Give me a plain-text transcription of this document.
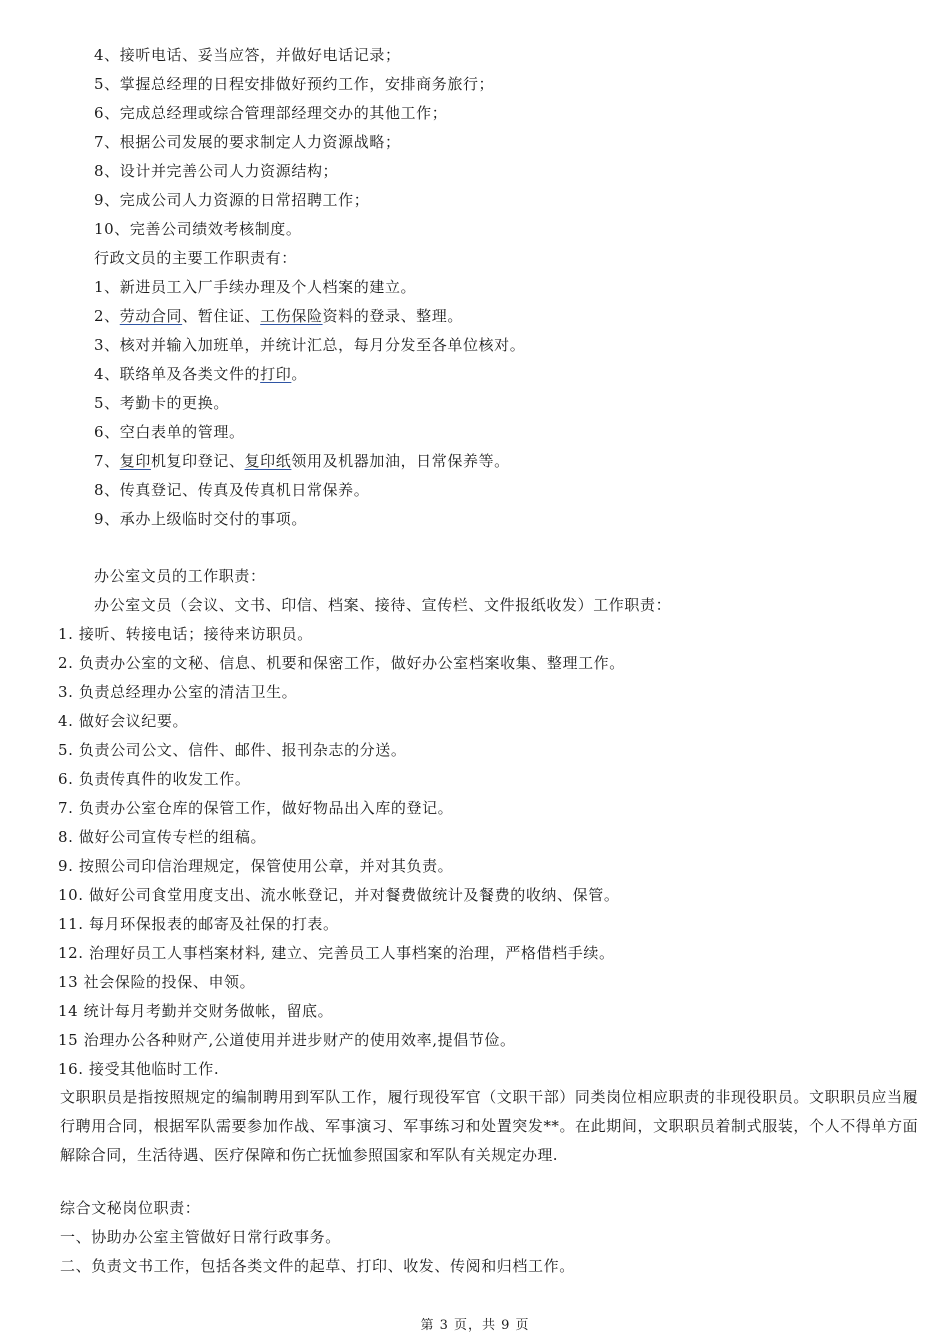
4、接听电话、妥当应答，并做好电话记录；
5、掌握总经理的日程安排做好预约工作，安排商务旅行；
6、完成总经理或综合管理部经理交办的其他工作；
7、根据公司发展的要求制定人力资源战略；
8、设计并完善公司人力资源结构；
9、完成公司人力资源的日常招聘工作；
10、完善公司绩效考核制度。
行政文员的主要工作职责有：
1、新进员工入厂手续办理及个人档案的建立。
2、劳动合同、暂住证、工伤保险资料的登录、整理。
3、核对并输入加班单，并统计汇总，每月分发至各单位核对。
4、联络单及各类文件的打印。
5、考勤卡的更换。
6、空白表单的管理。
7、复印机复印登记、复印纸领用及机器加油，日常保养等。
8、传真登记、传真及传真机日常保养。
9、承办上级临时交付的事项。
办公室文员的工作职责：
办公室文员（会议、文书、印信、档案、接待、宣传栏、文件报纸收发）工作职责：
1. 接听、转接电话；接待来访职员。
2. 负责办公室的文秘、信息、机要和保密工作，做好办公室档案收集、整理工作。
3. 负责总经理办公室的清洁卫生。
4. 做好会议纪要。
5. 负责公司公文、信件、邮件、报刊杂志的分送。
6. 负责传真件的收发工作。
7. 负责办公室仓库的保管工作，做好物品出入库的登记。
8. 做好公司宣传专栏的组稿。
9. 按照公司印信治理规定，保管使用公章，并对其负责。
10. 做好公司食堂用度支出、流水帐登记，并对餐费做统计及餐费的收纳、保管。
11. 每月环保报表的邮寄及社保的打表。
12. 治理好员工人事档案材料, 建立、完善员工人事档案的治理，严格借档手续。
13 社会保险的投保、申领。
14 统计每月考勤并交财务做帐，留底。
15 治理办公各种财产,公道使用并进步财产的使用效率,提倡节俭。
16. 接受其他临时工作.
文职职员是指按照规定的编制聘用到军队工作，履行现役军官（文职干部）同类岗位相应职责的非现役职员。文职职员应当履行聘用合同，根据军队需要参加作战、军事演习、军事练习和处置突发**。在此期间，文职职员着制式服装，个人不得单方面解除合同，生活待遇、医疗保障和伤亡抚恤参照国家和军队有关规定办理.
综合文秘岗位职责：
一、协助办公室主管做好日常行政事务。
二、负责文书工作，包括各类文件的起草、打印、收发、传阅和归档工作。
第 3 页，共 9 页
